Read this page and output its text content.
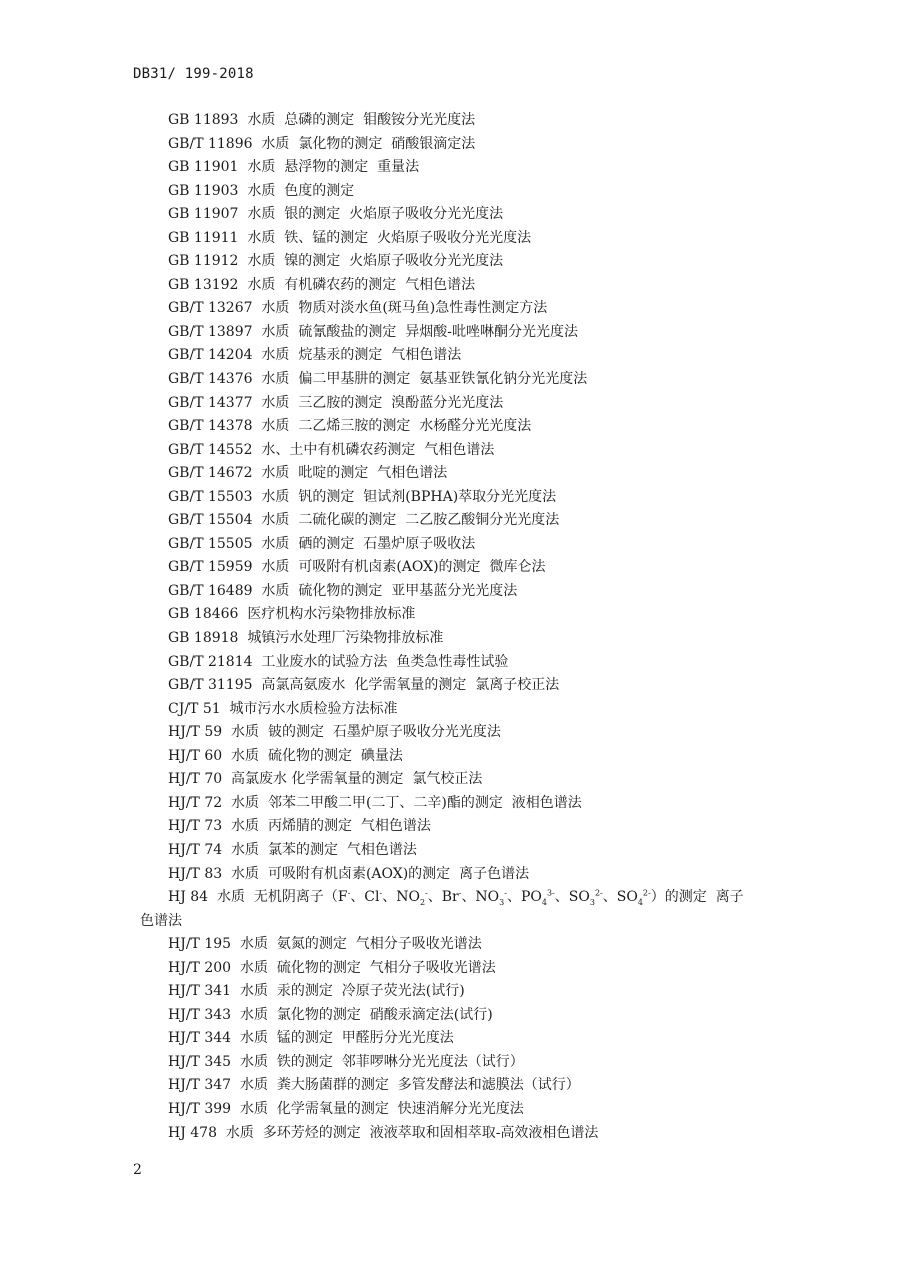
DB31/ 199-2018
GB 11893  水质  总磷的测定  钼酸铵分光光度法
GB/T 11896  水质  氯化物的测定  硝酸银滴定法
GB 11901  水质  悬浮物的测定  重量法
GB 11903  水质  色度的测定
GB 11907  水质  银的测定  火焰原子吸收分光光度法
GB 11911  水质  铁、锰的测定  火焰原子吸收分光光度法
GB 11912  水质  镍的测定  火焰原子吸收分光光度法
GB 13192  水质  有机磷农药的测定  气相色谱法
GB/T 13267  水质  物质对淡水鱼(斑马鱼)急性毒性测定方法
GB/T 13897  水质  硫氰酸盐的测定  异烟酸-吡唑啉酮分光光度法
GB/T 14204  水质  烷基汞的测定  气相色谱法
GB/T 14376  水质  偏二甲基肼的测定  氨基亚铁氰化钠分光光度法
GB/T 14377  水质  三乙胺的测定  溴酚蓝分光光度法
GB/T 14378  水质  二乙烯三胺的测定  水杨醛分光光度法
GB/T 14552  水、土中有机磷农药测定  气相色谱法
GB/T 14672  水质  吡啶的测定  气相色谱法
GB/T 15503  水质  钒的测定  钽试剂(BPHA)萃取分光光度法
GB/T 15504  水质  二硫化碳的测定  二乙胺乙酸铜分光光度法
GB/T 15505  水质  硒的测定  石墨炉原子吸收法
GB/T 15959  水质  可吸附有机卤素(AOX)的测定  微库仑法
GB/T 16489  水质  硫化物的测定  亚甲基蓝分光光度法
GB 18466  医疗机构水污染物排放标准
GB 18918  城镇污水处理厂污染物排放标准
GB/T 21814  工业废水的试验方法  鱼类急性毒性试验
GB/T 31195  高氯高氨废水  化学需氧量的测定  氯离子校正法
CJ/T 51  城市污水水质检验方法标准
HJ/T 59  水质  铍的测定  石墨炉原子吸收分光光度法
HJ/T 60  水质  硫化物的测定  碘量法
HJ/T 70  高氯废水 化学需氧量的测定  氯气校正法
HJ/T 72  水质  邻苯二甲酸二甲(二丁、二辛)酯的测定  液相色谱法
HJ/T 73  水质  丙烯腈的测定  气相色谱法
HJ/T 74  水质  氯苯的测定  气相色谱法
HJ/T 83  水质  可吸附有机卤素(AOX)的测定  离子色谱法
HJ 84  水质  无机阴离子（F-、Cl-、$NO_2^-$、Br-、$NO_3^-$、$PO_4^{3-}$、$SO_3^{2-}$、$SO_4^{2-}$）的测定  离子
色谱法
HJ/T 195  水质  氨氮的测定  气相分子吸收光谱法
HJ/T 200  水质  硫化物的测定  气相分子吸收光谱法
HJ/T 341  水质  汞的测定  冷原子荧光法(试行)
HJ/T 343  水质  氯化物的测定  硝酸汞滴定法(试行)
HJ/T 344  水质  锰的测定  甲醛肟分光光度法
HJ/T 345  水质  铁的测定  邻菲啰啉分光光度法（试行）
HJ/T 347  水质  粪大肠菌群的测定  多管发酵法和滤膜法（试行）
HJ/T 399  水质  化学需氧量的测定  快速消解分光光度法
HJ 478  水质  多环芳烃的测定  液液萃取和固相萃取-高效液相色谱法
2
